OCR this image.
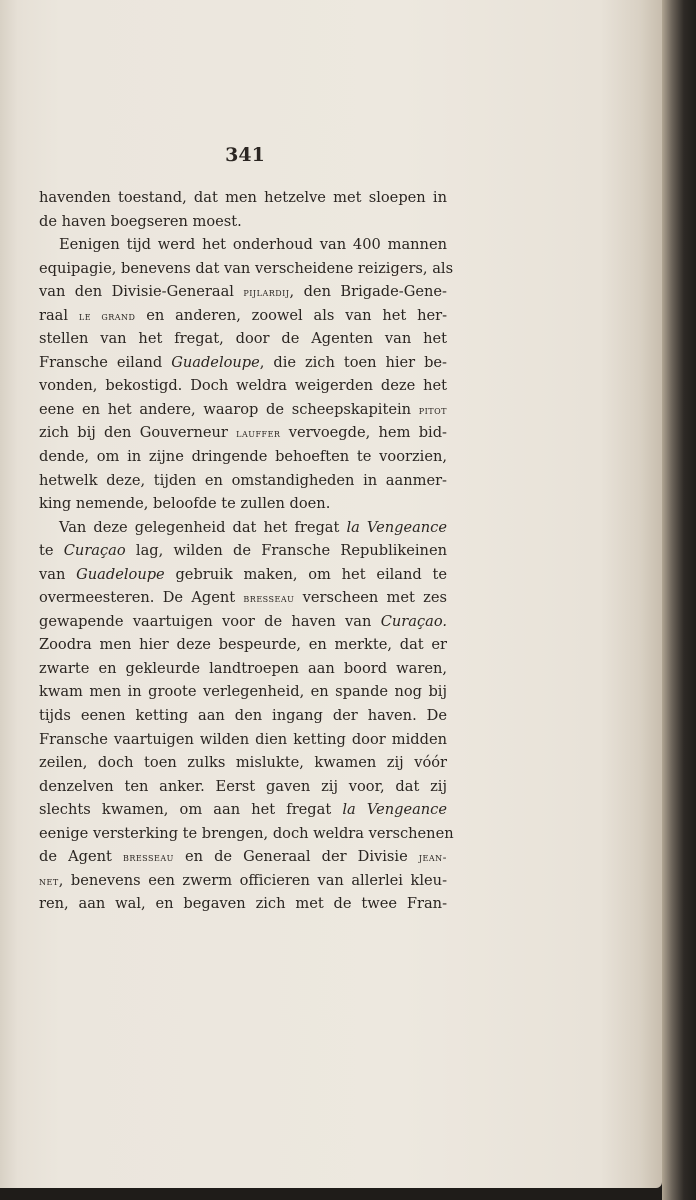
341
havenden toestand, dat men hetzelve met sloepen in
de haven boegseren moest.
Eenigen tijd werd het onderhoud van 400 mannen
equipagie, benevens dat van verscheidene reizigers, als
van den Divisie-Generaal pijlardij, den Brigade-Gene-
raal le grand en anderen, zoowel als van het her-
stellen van het fregat, door de Agenten van het
Fransche eiland Guadeloupe, die zich toen hier be-
vonden, bekostigd. Doch weldra weigerden deze het
eene en het andere, waarop de scheepskapitein pitot
zich bij den Gouverneur lauffer vervoegde, hem bid-
dende, om in zijne dringende behoeften te voorzien,
hetwelk deze, tijden en omstandigheden in aanmer-
king nemende, beloofde te zullen doen.
Van deze gelegenheid dat het fregat la Vengeance
te Curaçao lag, wilden de Fransche Republikeinen
van Guadeloupe gebruik maken, om het eiland te
overmeesteren. De Agent bresseau verscheen met zes
gewapende vaartuigen voor de haven van Curaçao.
Zoodra men hier deze bespeurde, en merkte, dat er
zwarte en gekleurde landtroepen aan boord waren,
kwam men in groote verlegenheid, en spande nog bij
tijds eenen ketting aan den ingang der haven. De
Fransche vaartuigen wilden dien ketting door midden
zeilen, doch toen zulks mislukte, kwamen zij vóór
denzelven ten anker. Eerst gaven zij voor, dat zij
slechts kwamen, om aan het fregat la Vengeance
eenige versterking te brengen, doch weldra verschenen
de Agent bresseau en de Generaal der Divisie jean-
net, benevens een zwerm officieren van allerlei kleu-
ren, aan wal, en begaven zich met de twee Fran-
